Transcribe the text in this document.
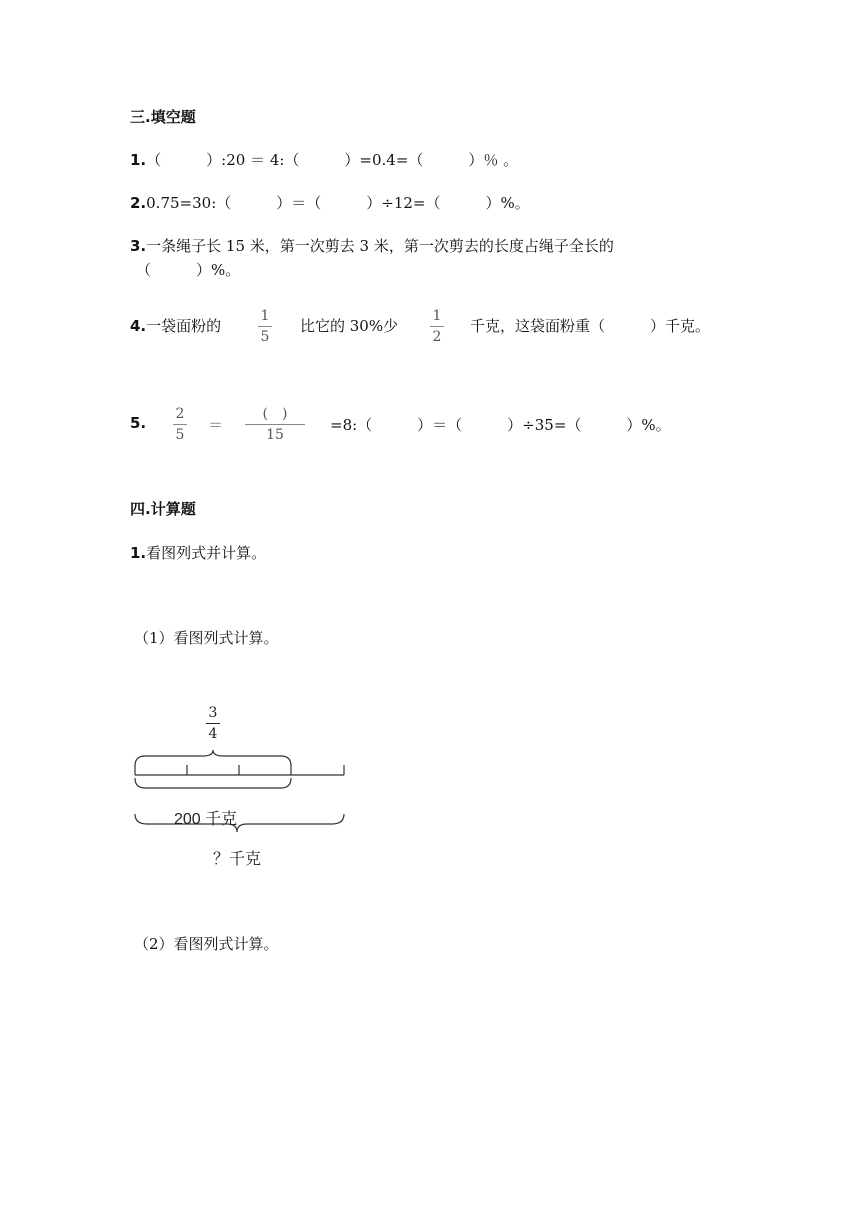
三.填空题
1.（　　　）:20 ＝ 4:（　　　）=0.4=（　　　）％ 。
2.0.75=30:（　　　）＝（　　　）÷12=（　　　）%。
3.一条绳子长 15 米，第一次剪去 3 米，第一次剪去的长度占绳子全长的
（　　　）%。
4.一袋面粉的
1
5
比它的 30%少
1
2
千克，这袋面粉重（　　　）千克。
5. 2
5
＝
(　)
15
=8:（　　　）＝（　　　）÷35=（　　　）%。
四.计算题
1.看图列式并计算。
（1）看图列式计算。
3
4
200 千克
？千克
（2）看图列式计算。
